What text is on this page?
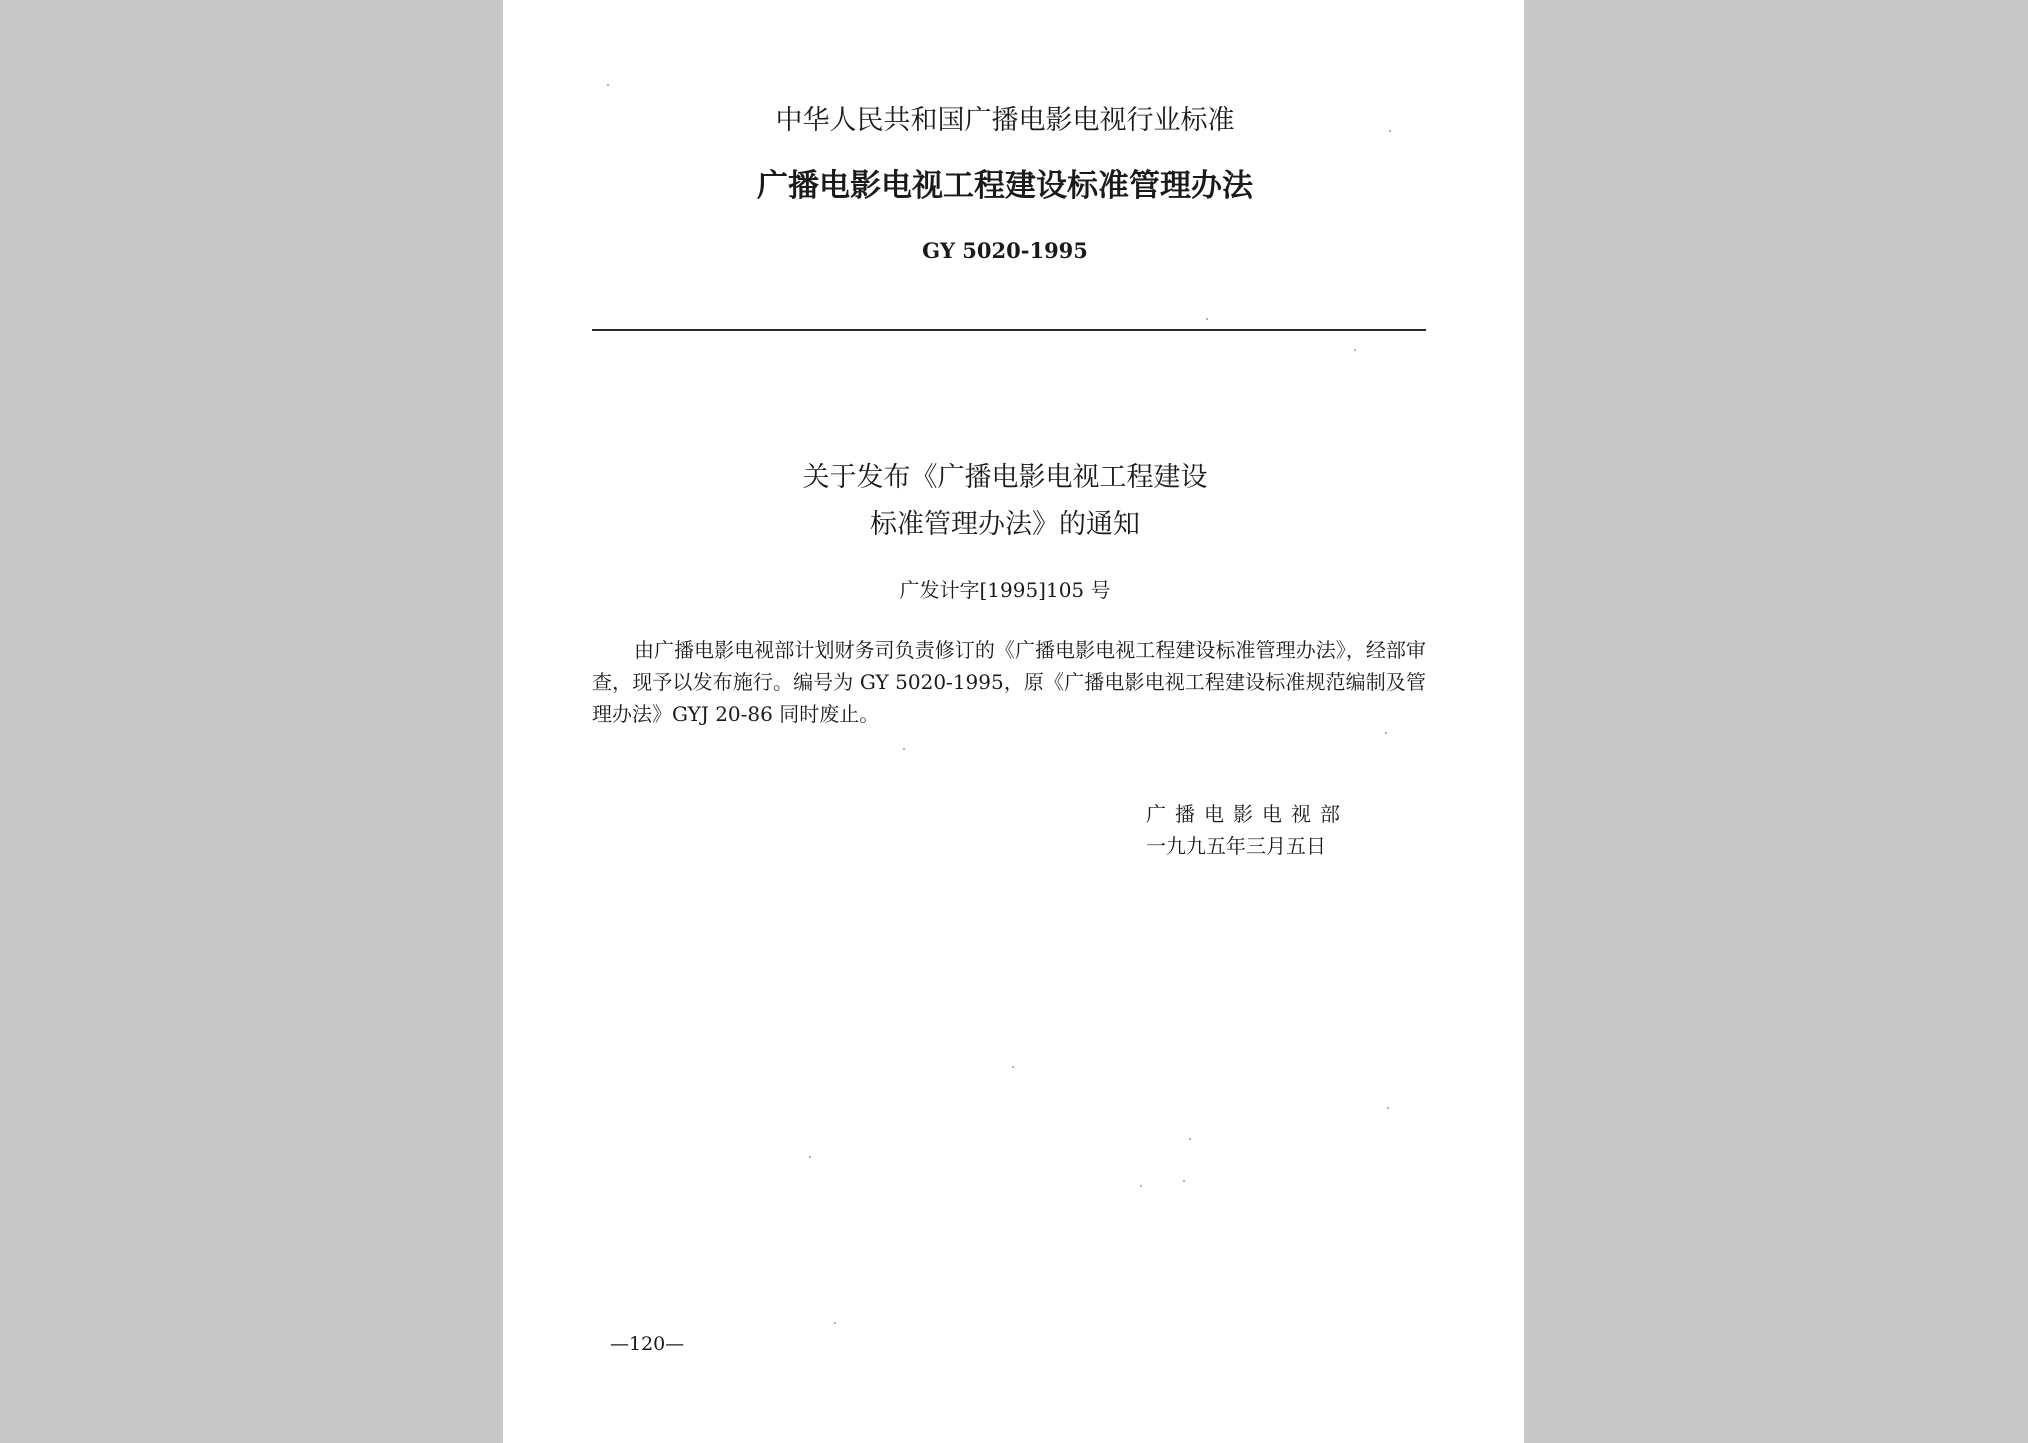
中华人民共和国广播电影电视行业标准
广播电影电视工程建设标准管理办法
GY 5020-1995
关于发布《广播电影电视工程建设
标准管理办法》的通知
广发计字[1995]105 号
由广播电影电视部计划财务司负责修订的《广播电影电视工程建设标准管理办法》，经部审查，现予以发布施行。编号为 GY 5020-1995，原《广播电影电视工程建设标准规范编制及管理办法》GYJ 20-86 同时废止。
广播电影电视部
一九九五年三月五日
—120—
